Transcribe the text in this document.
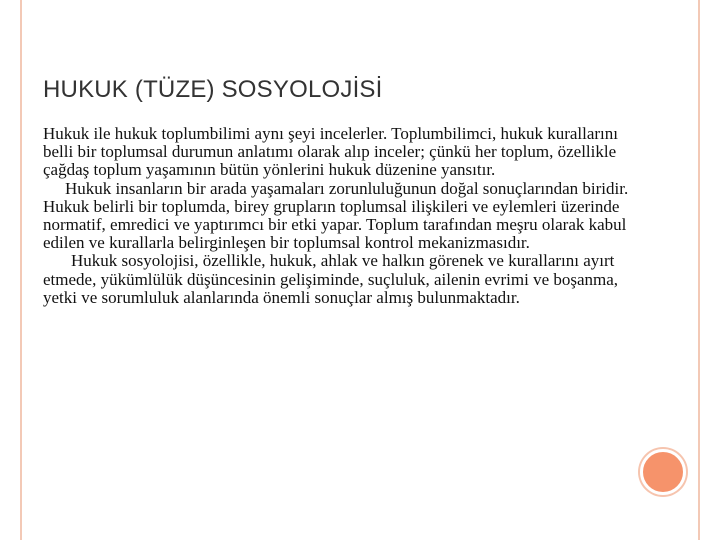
HUKUK (TÜZE) SOSYOLOJİSİ

Hukuk ile hukuk toplumbilimi aynı şeyi incelerler. Toplumbilimci, hukuk kurallarını belli bir toplumsal durumun anlatımı olarak alıp inceler; çünkü her toplum, özellikle çağdaş toplum yaşamının bütün yönlerini hukuk düzenine yansıtır.

Hukuk insanların bir arada yaşamaları zorunluluğunun doğal sonuçlarından biridir. Hukuk belirli bir toplumda, birey grupların toplumsal ilişkileri ve eylemleri üzerinde normatif, emredici ve yaptırımcı bir etki yapar. Toplum tarafından meşru olarak kabul edilen ve kurallarla belirginleşen bir toplumsal kontrol mekanizmasıdır.

Hukuk sosyolojisi, özellikle, hukuk, ahlak ve halkın görenek ve kurallarını ayırt etmede, yükümlülük düşüncesinin gelişiminde, suçluluk, ailenin evrimi ve boşanma, yetki ve sorumluluk alanlarında önemli sonuçlar almış bulunmaktadır.
